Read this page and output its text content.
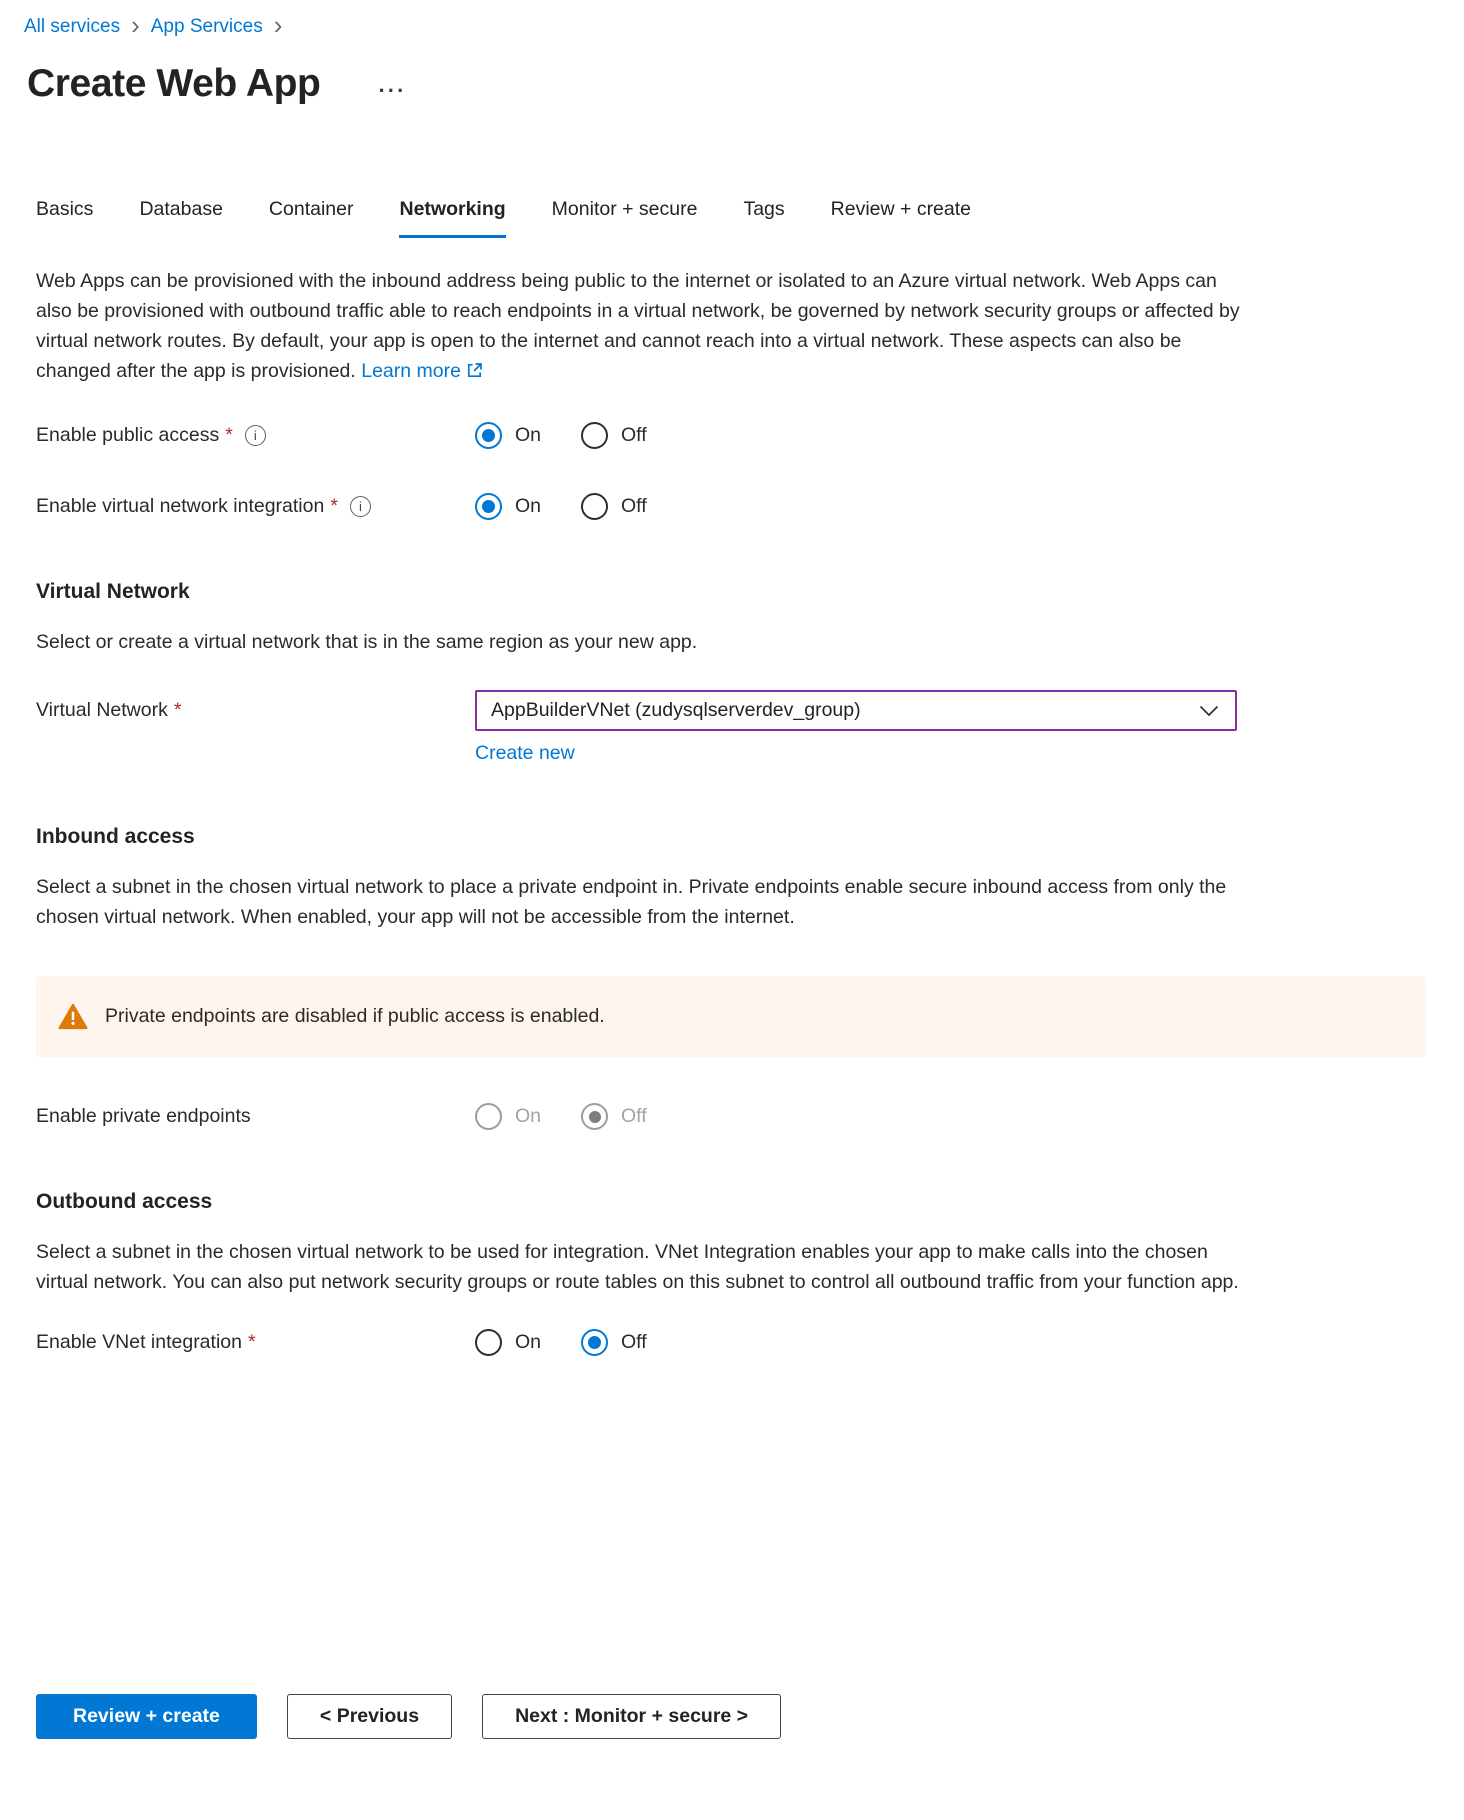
All services › App Services ›
Create Web App	···
Basics Database Container Networking Monitor + secure Tags Review + create

Web Apps can be provisioned with the inbound address being public to the internet or isolated to an Azure virtual network. Web Apps can also be provisioned with outbound traffic able to reach endpoints in a virtual network, be governed by network security groups or affected by virtual network routes. By default, your app is open to the internet and cannot reach into a virtual network. These aspects can also be changed after the app is provisioned. Learn more

Enable public access *	i	On	Off
Enable virtual network integration *	i	On	Off
Virtual Network

Select or create a virtual network that is in the same region as your new app.

Virtual Network *	AppBuilderVNet (zudysqlserverdev_group)
Create new
Inbound access

Select a subnet in the chosen virtual network to place a private endpoint in. Private endpoints enable secure inbound access from only the chosen virtual network. When enabled, your app will not be accessible from the internet.

Private endpoints are disabled if public access is enabled.
Enable private endpoints	On	Off
Outbound access

Select a subnet in the chosen virtual network to be used for integration. VNet Integration enables your app to make calls into the chosen virtual network. You can also put network security groups or route tables on this subnet to control all outbound traffic from your function app.

Enable VNet integration *	On	Off
Review + create	< Previous	Next : Monitor + secure >
